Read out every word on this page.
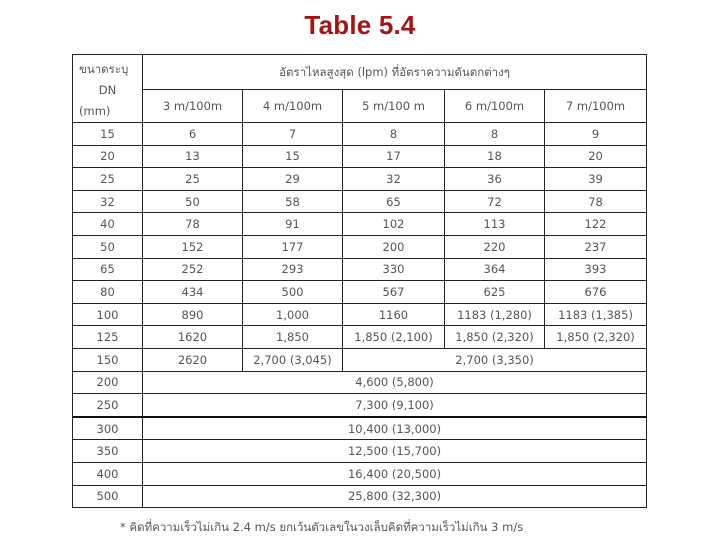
Table 5.4
ขนาดระบุ
DN
(mm)	อัตราไหลสูงสุด (lpm) ที่อัตราความดันตกต่างๆ				
	3 m/100m	4 m/100m	5 m/100 m	6 m/100m	7 m/100m
15	6	7	8	8	9
20	13	15	17	18	20
25	25	29	32	36	39
32	50	58	65	72	78
40	78	91	102	113	122
50	152	177	200	220	237
65	252	293	330	364	393
80	434	500	567	625	676
100	890	1,000	1160	1183 (1,280)	1183 (1,385)
125	1620	1,850	1,850 (2,100)	1,850 (2,320)	1,850 (2,320)
150	2620	2,700 (3,045)	2,700 (3,350)		
200	4,600 (5,800)				
250	7,300 (9,100)				
300	10,400 (13,000)				
350	12,500 (15,700)				
400	16,400 (20,500)				
500	25,800 (32,300)				
* คิดที่ความเร็วไม่เกิน 2.4 m/s ยกเว้นตัวเลขในวงเล็บคิดที่ความเร็วไม่เกิน 3 m/s
